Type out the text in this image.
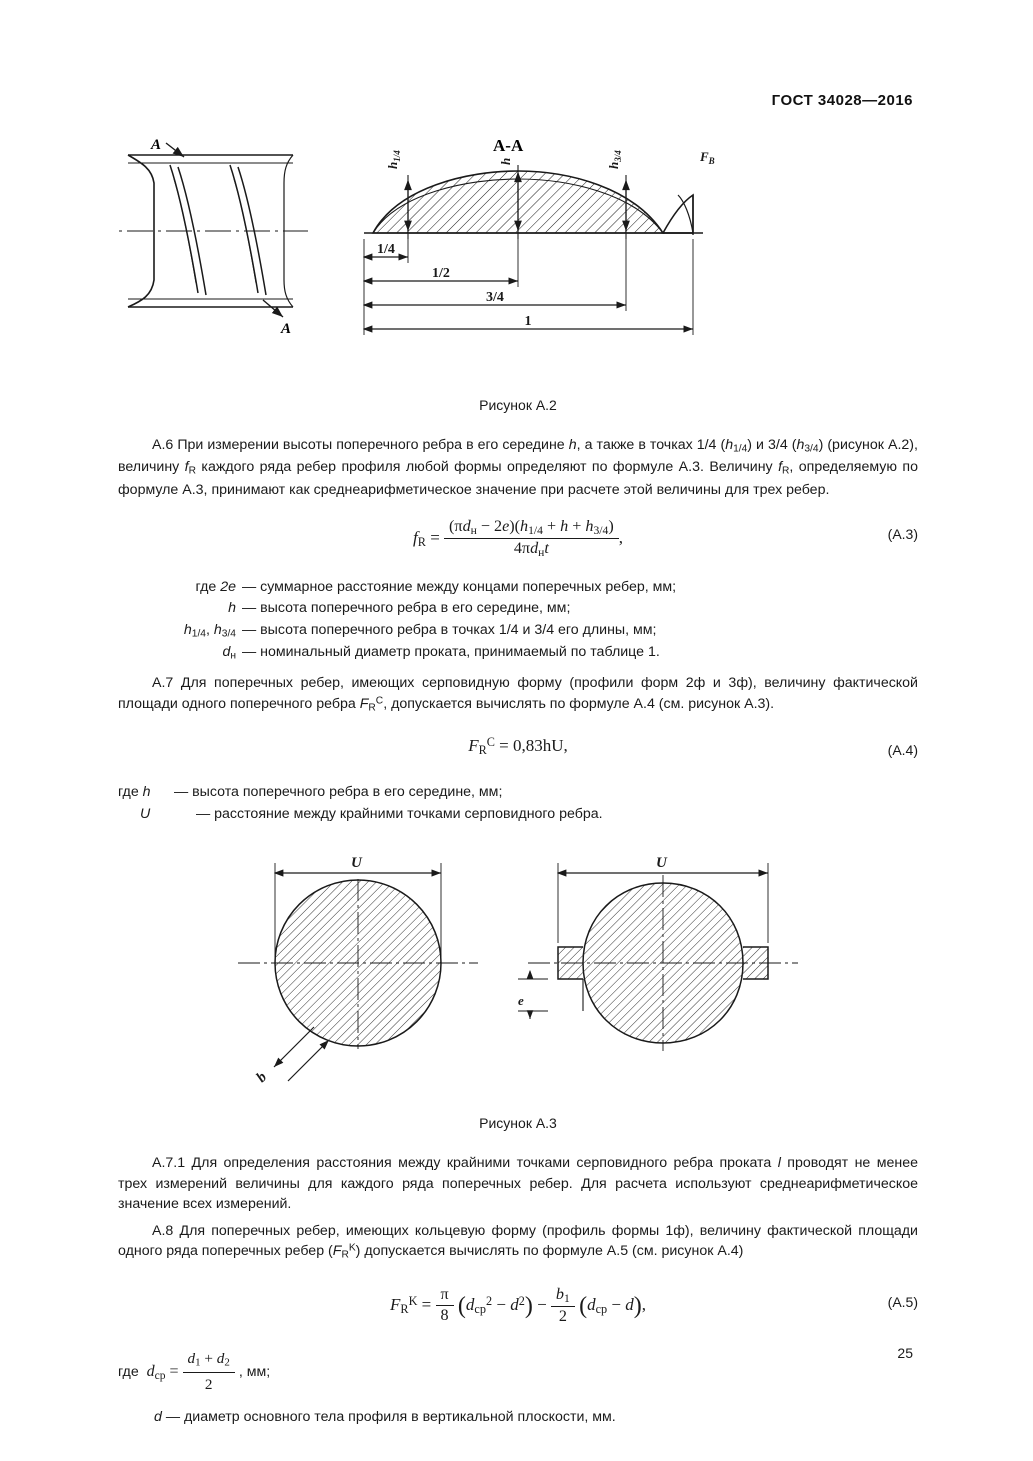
ГОСТ 34028—2016
A
A
A-A
$h_{1/4}$	h
$h_{3/4}$	$F_В$
1/4
1/2
3/4
1
Рисунок А.2

А.6 При измерении высоты поперечного ребра в его середине h, а также в точках 1/4 $(h_{1/4})$ и 3/4 $(h_{3/4})$ (рисунок А.2), величину $f_R$ каждого ряда ребер профиля любой формы определяют по формуле А.3. Величину $f_R$, определяемую по формуле А.3, принимают как среднеарифметическое значение при расчете этой величины для трех ребер.

$f_R = \frac{(\pi d_н - 2e)(h_{1/4} + h + h_{3/4})}{4\pi d_нt}$ ,	(А.3)
где 2e — суммарное расстояние между концами поперечных ребер, мм;
h — высота поперечного ребра в его середине, мм;
$h_{1/4}$, $h_{3/4}$ — высота поперечного ребра в точках 1/4 и 3/4 его длины, мм;
$d_н$ — номинальный диаметр проката, принимаемый по таблице 1.

А.7 Для поперечных ребер, имеющих серповидную форму (профили форм 2ф и 3ф), величину фактической площади одного поперечного ребра $F_R^C$, допускается вычислять по формуле А.4 (см. рисунок А.3).

$F_R^C = 0,83hU$,	(А.4)
где h	— высота поперечного ребра в его середине, мм;
U	— расстояние между крайними точками серповидного ребра.
U	U
b
e
Рисунок А.3

А.7.1 Для определения расстояния между крайними точками серповидного ребра проката l проводят не менее трех измерений величины для каждого ряда поперечных ребер. Для расчета используют среднеарифметическое значение всех измерений.

А.8 Для поперечных ребер, имеющих кольцевую форму (профиль формы 1ф), величину фактической площади одного ряда поперечных ребер $(F_R^K)$ допускается вычислять по формуле А.5 (см. рисунок А.4)

$F_R^K = \frac{\pi}{8} (d_{ср}^2 - d^2) - \frac{b_1}{2} (d_{ср} - d)$,	(А.5)
где $d_{ср} = \frac{d_1 + d_2}{2}$ , мм;
d — диаметр основного тела профиля в вертикальной плоскости, мм.
25
